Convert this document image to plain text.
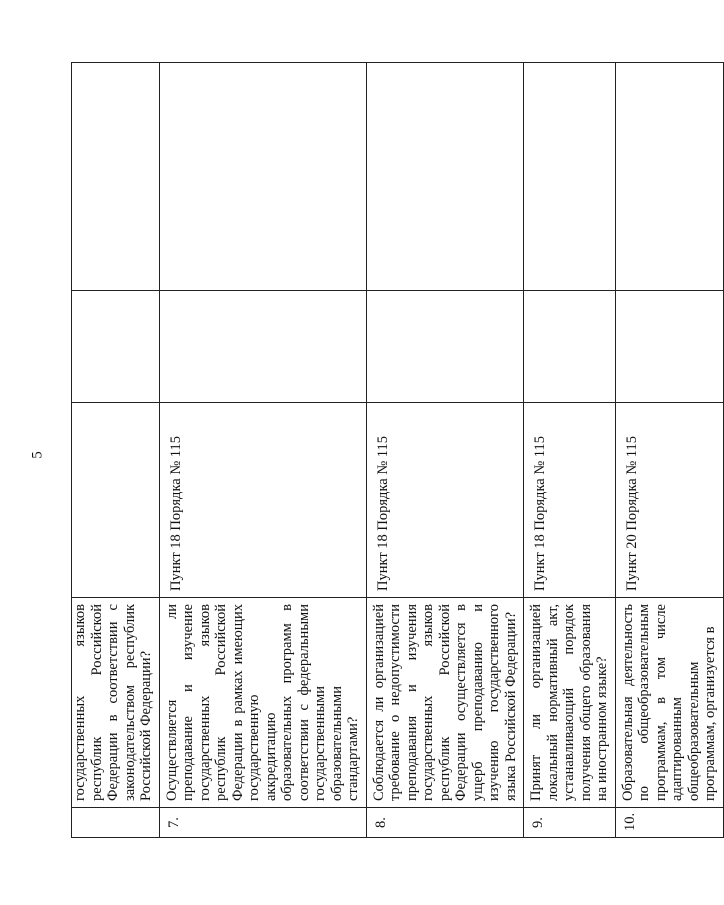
5
	государственных языков республик Российской Федерации в соответствии с законодательством республик Российской Федерации?			
7.	Осуществляется ли преподавание и изучение государственных языков республик Российской Федерации в рамках имеющих государственную аккредитацию образовательных программ в соответствии с федеральными государственными образовательными стандартами?	Пункт 18 Порядка № 115		
8.	Соблюдается ли организацией требование о недопустимости преподавания и изучения государственных языков республик Российской Федерации осуществляется в ущерб преподаванию и изучению государственного языка Российской Федерации?	Пункт 18 Порядка № 115		
9.	Принят ли организацией локальный нормативный акт, устанавливающий порядок получения общего образования на иностранном языке?	Пункт 18 Порядка № 115		
10.	Образовательная деятельность по общеобразовательным программам, в том числе адаптированным общеобразовательным программам, организуется в	Пункт 20 Порядка № 115		
